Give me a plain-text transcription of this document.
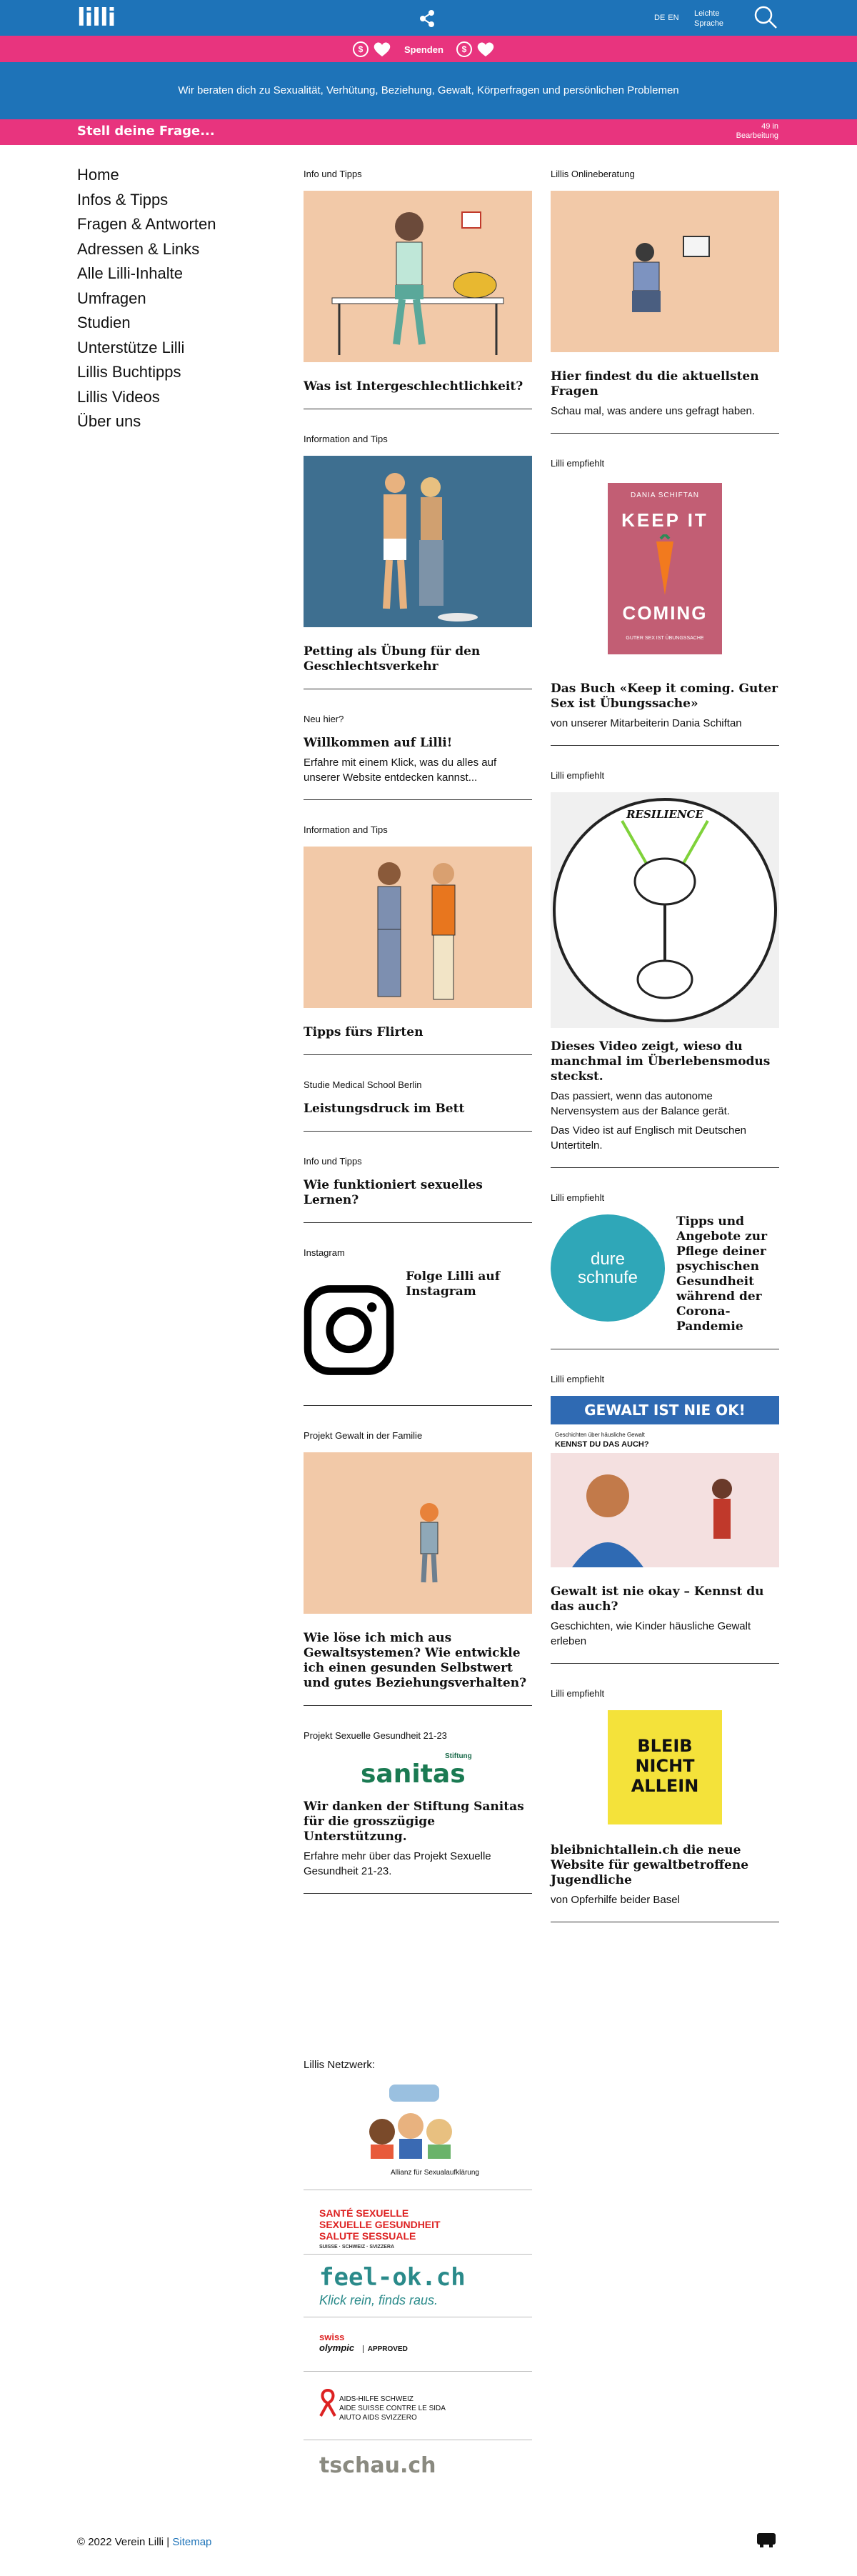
lilli	DE EN	Leichte
Sprache
$	Spenden	$
Wir beraten dich zu Sexualität, Verhütung, Beziehung, Gewalt, Körperfragen und persönlichen Problemen
Stell deine Frage...	49 in
Bearbeitung
Home
Infos & Tipps
Fragen & Antworten
Adressen & Links
Alle Lilli-Inhalte
Umfragen
Studien
Unterstütze Lilli
Lillis Buchtipps
Lillis Videos
Über uns
Info und Tipps
Was ist Intergeschlechtlichkeit?
Information and Tips
Petting als Übung für den Geschlechtsverkehr
Neu hier?
Willkommen auf Lilli!
Erfahre mit einem Klick, was du alles auf unserer Website entdecken kannst...
Information and Tips
Tipps fürs Flirten
Studie Medical School Berlin
Leistungsdruck im Bett
Info und Tipps
Wie funktioniert sexuelles Lernen?
Instagram
Folge Lilli auf Instagram
Projekt Gewalt in der Familie
Wie löse ich mich aus Gewaltsystemen? Wie entwickle ich einen gesunden Selbstwert und gutes Beziehungsverhalten?
Projekt Sexuelle Gesundheit 21-23
Stiftung
sanitas
Wir danken der Stiftung Sanitas für die grosszügige Unterstützung.
Erfahre mehr über das Projekt Sexuelle Gesundheit 21-23.
Lillis Onlineberatung
Hier findest du die aktuellsten Fragen
Schau mal, was andere uns gefragt haben.
Lilli empfiehlt
DANIA SCHIFTAN
KEEP IT
COMING
GUTER SEX IST ÜBUNGSSACHE
Das Buch «Keep it coming. Guter Sex ist Übungssache»
von unserer Mitarbeiterin Dania Schiftan
Lilli empfiehlt
RESILIENCE
Dieses Video zeigt, wieso du manchmal im Überlebensmodus steckst.
Das passiert, wenn das autonome Nervensystem aus der Balance gerät.
Das Video ist auf Englisch mit Deutschen Untertiteln.
Lilli empfiehlt
dure
schnufe
Tipps und Angebote zur Pflege deiner psychischen Gesundheit während der Corona-Pandemie
Lilli empfiehlt
GEWALT IST NIE OK!
Geschichten über häusliche Gewalt
KENNST DU DAS AUCH?
Gewalt ist nie okay – Kennst du das auch?
Geschichten, wie Kinder häusliche Gewalt erleben
Lilli empfiehlt
BLEIB
NICHT
ALLEIN
bleibnichtallein.ch die neue Website für gewaltbetroffene Jugendliche
von Opferhilfe beider Basel
Lillis Netzwerk:
Allianz für Sexualaufklärung
SANTÉ SEXUELLE
SEXUELLE GESUNDHEIT
SALUTE SESSUALE
SUISSE · SCHWEIZ · SVIZZERA
feel-ok.ch
Klick rein, finds raus.
swiss
olympic APPROVED
AIDS-HILFE SCHWEIZ
AIDE SUISSE CONTRE LE SIDA
AIUTO AIDS SVIZZERO
tschau.ch
© 2022 Verein Lilli | Sitemap
